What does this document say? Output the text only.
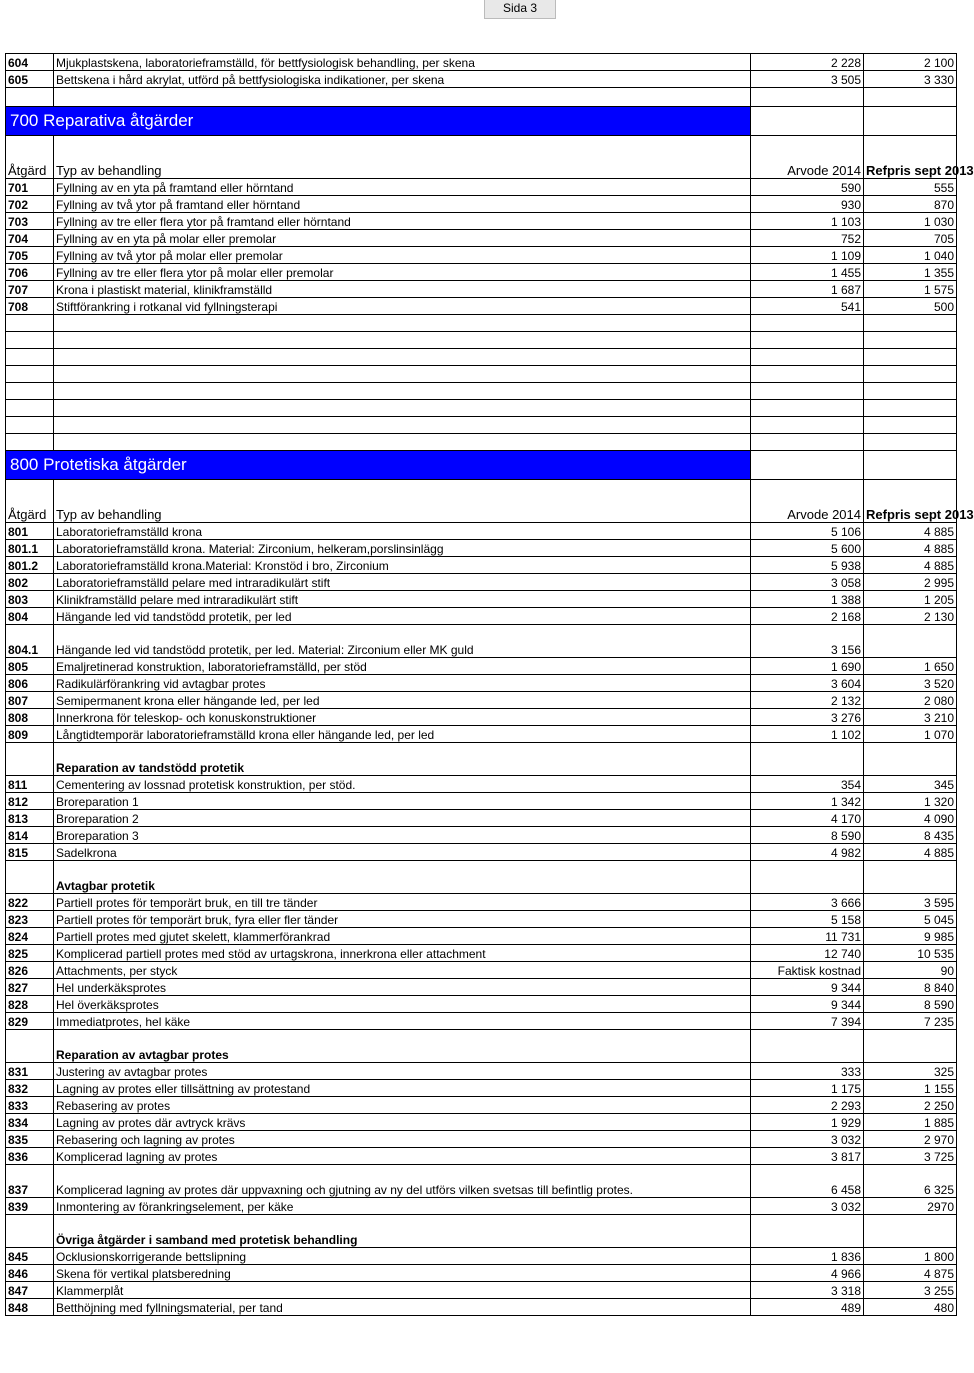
Sida 3
604	Mjukplastskena, laboratorieframställd, för bettfysiologisk behandling, per skena	2 228	2 100
605	Bettskena i hård akrylat, utförd på bettfysiologiska indikationer, per skena	3 505	3 330

700 Reparativa åtgärder			
Åtgärd	Typ av behandling	Arvode 2014	Refpris sept 2013
701	Fyllning av en yta på framtand eller hörntand	590	555
702	Fyllning av två ytor på framtand eller hörntand	930	870
703	Fyllning av tre eller flera ytor på framtand eller hörntand	1 103	1 030
704	Fyllning av en yta på molar eller premolar	752	705
705	Fyllning av två ytor på molar eller premolar	1 109	1 040
706	Fyllning av tre eller flera ytor på molar eller premolar	1 455	1 355
707	Krona i plastiskt material, klinikframställd	1 687	1 575
708	Stiftförankring i rotkanal vid fyllningsterapi	541	500

800 Protetiska åtgärder			
Åtgärd	Typ av behandling	Arvode 2014	Refpris sept 2013
801	Laboratorieframställd krona	5 106	4 885
801.1	Laboratorieframställd krona. Material: Zirconium, helkeram,porslinsinlägg	5 600	4 885
801.2	Laboratorieframställd krona.Material: Kronstöd i bro, Zirconium	5 938	4 885
802	Laboratorieframställd pelare med intraradikulärt stift	3 058	2 995
803	Klinikframställd pelare med intraradikulärt stift	1 388	1 205
804	Hängande led vid tandstödd protetik, per led	2 168	2 130
804.1	Hängande led vid tandstödd protetik, per led. Material: Zirconium eller MK guld	3 156	
805	Emaljretinerad konstruktion, laboratorieframställd, per stöd	1 690	1 650
806	Radikulärförankring vid avtagbar protes	3 604	3 520
807	Semipermanent krona eller hängande led, per led	2 132	2 080
808	Innerkrona för teleskop- och konuskonstruktioner	3 276	3 210
809	Långtidtemporär laboratorieframställd krona eller hängande led, per led	1 102	1 070
	Reparation av tandstödd protetik		
811	Cementering av lossnad protetisk konstruktion, per stöd.	354	345
812	Broreparation 1	1 342	1 320
813	Broreparation 2	4 170	4 090
814	Broreparation 3	8 590	8 435
815	Sadelkrona	4 982	4 885
	Avtagbar protetik		
822	Partiell protes för temporärt bruk, en till tre tänder	3 666	3 595
823	Partiell protes för temporärt bruk, fyra eller fler tänder	5 158	5 045
824	Partiell protes med gjutet skelett, klammerförankrad	11 731	9 985
825	Komplicerad partiell protes med stöd av urtagskrona, innerkrona eller attachment	12 740	10 535
826	Attachments, per styck	Faktisk kostnad	90
827	Hel underkäksprotes	9 344	8 840
828	Hel överkäksprotes	9 344	8 590
829	Immediatprotes, hel käke	7 394	7 235
	Reparation av avtagbar protes		
831	Justering av avtagbar protes	333	325
832	Lagning av protes eller tillsättning av protestand	1 175	1 155
833	Rebasering av protes	2 293	2 250
834	Lagning av protes där avtryck krävs	1 929	1 885
835	Rebasering och lagning av protes	3 032	2 970
836	Komplicerad lagning av protes	3 817	3 725
837	Komplicerad lagning av protes där uppvaxning och gjutning av ny del utförs vilken svetsas till befintlig protes.	6 458	6 325
839	Inmontering av förankringselement, per käke	3 032	2970
	Övriga åtgärder i samband med protetisk behandling		
845	Ocklusionskorrigerande bettslipning	1 836	1 800
846	Skena för vertikal platsberedning	4 966	4 875
847	Klammerplåt	3 318	3 255
848	Betthöjning med fyllningsmaterial, per tand	489	480
